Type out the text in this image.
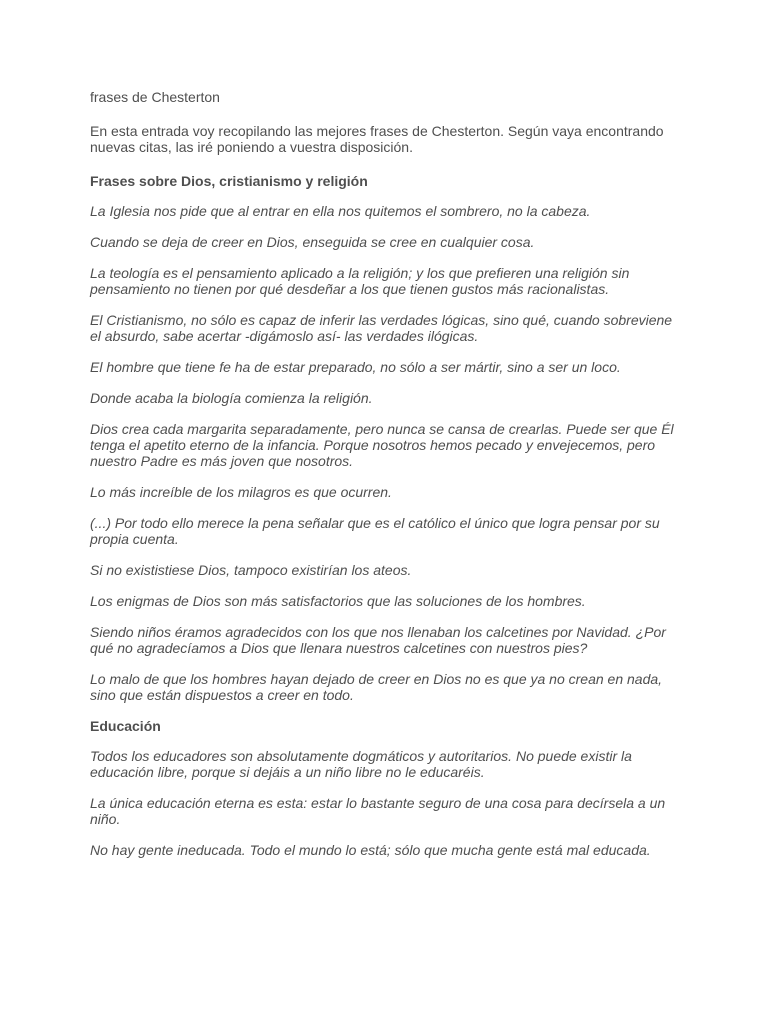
frases de Chesterton

En esta entrada voy recopilando las mejores frases de Chesterton. Según vaya encontrando nuevas citas, las iré poniendo a vuestra disposición.

Frases sobre Dios, cristianismo y religión

La Iglesia nos pide que al entrar en ella nos quitemos el sombrero, no la cabeza.

Cuando se deja de creer en Dios, enseguida se cree en cualquier cosa.

La teología es el pensamiento aplicado a la religión; y los que prefieren una religión sin pensamiento no tienen por qué desdeñar a los que tienen gustos más racionalistas.

El Cristianismo, no sólo es capaz de inferir las verdades lógicas, sino qué, cuando sobreviene el absurdo, sabe acertar -digámoslo así- las verdades ilógicas.

El hombre que tiene fe ha de estar preparado, no sólo a ser mártir, sino a ser un loco.

Donde acaba la biología comienza la religión.

Dios crea cada margarita separadamente, pero nunca se cansa de crearlas. Puede ser que Él tenga el apetito eterno de la infancia. Porque nosotros hemos pecado y envejecemos, pero nuestro Padre es más joven que nosotros.

Lo más increíble de los milagros es que ocurren.

(...) Por todo ello merece la pena señalar que es el católico el único que logra pensar por su propia cuenta.

Si no exististiese Dios, tampoco existirían los ateos.

Los enigmas de Dios son más satisfactorios que las soluciones de los hombres.

Siendo niños éramos agradecidos con los que nos llenaban los calcetines por Navidad. ¿Por qué no agradecíamos a Dios que llenara nuestros calcetines con nuestros pies?

Lo malo de que los hombres hayan dejado de creer en Dios no es que ya no crean en nada, sino que están dispuestos a creer en todo.

Educación

Todos los educadores son absolutamente dogmáticos y autoritarios. No puede existir la educación libre, porque si dejáis a un niño libre no le educaréis.

La única educación eterna es esta: estar lo bastante seguro de una cosa para decírsela a un niño.

No hay gente ineducada. Todo el mundo lo está; sólo que mucha gente está mal educada.
